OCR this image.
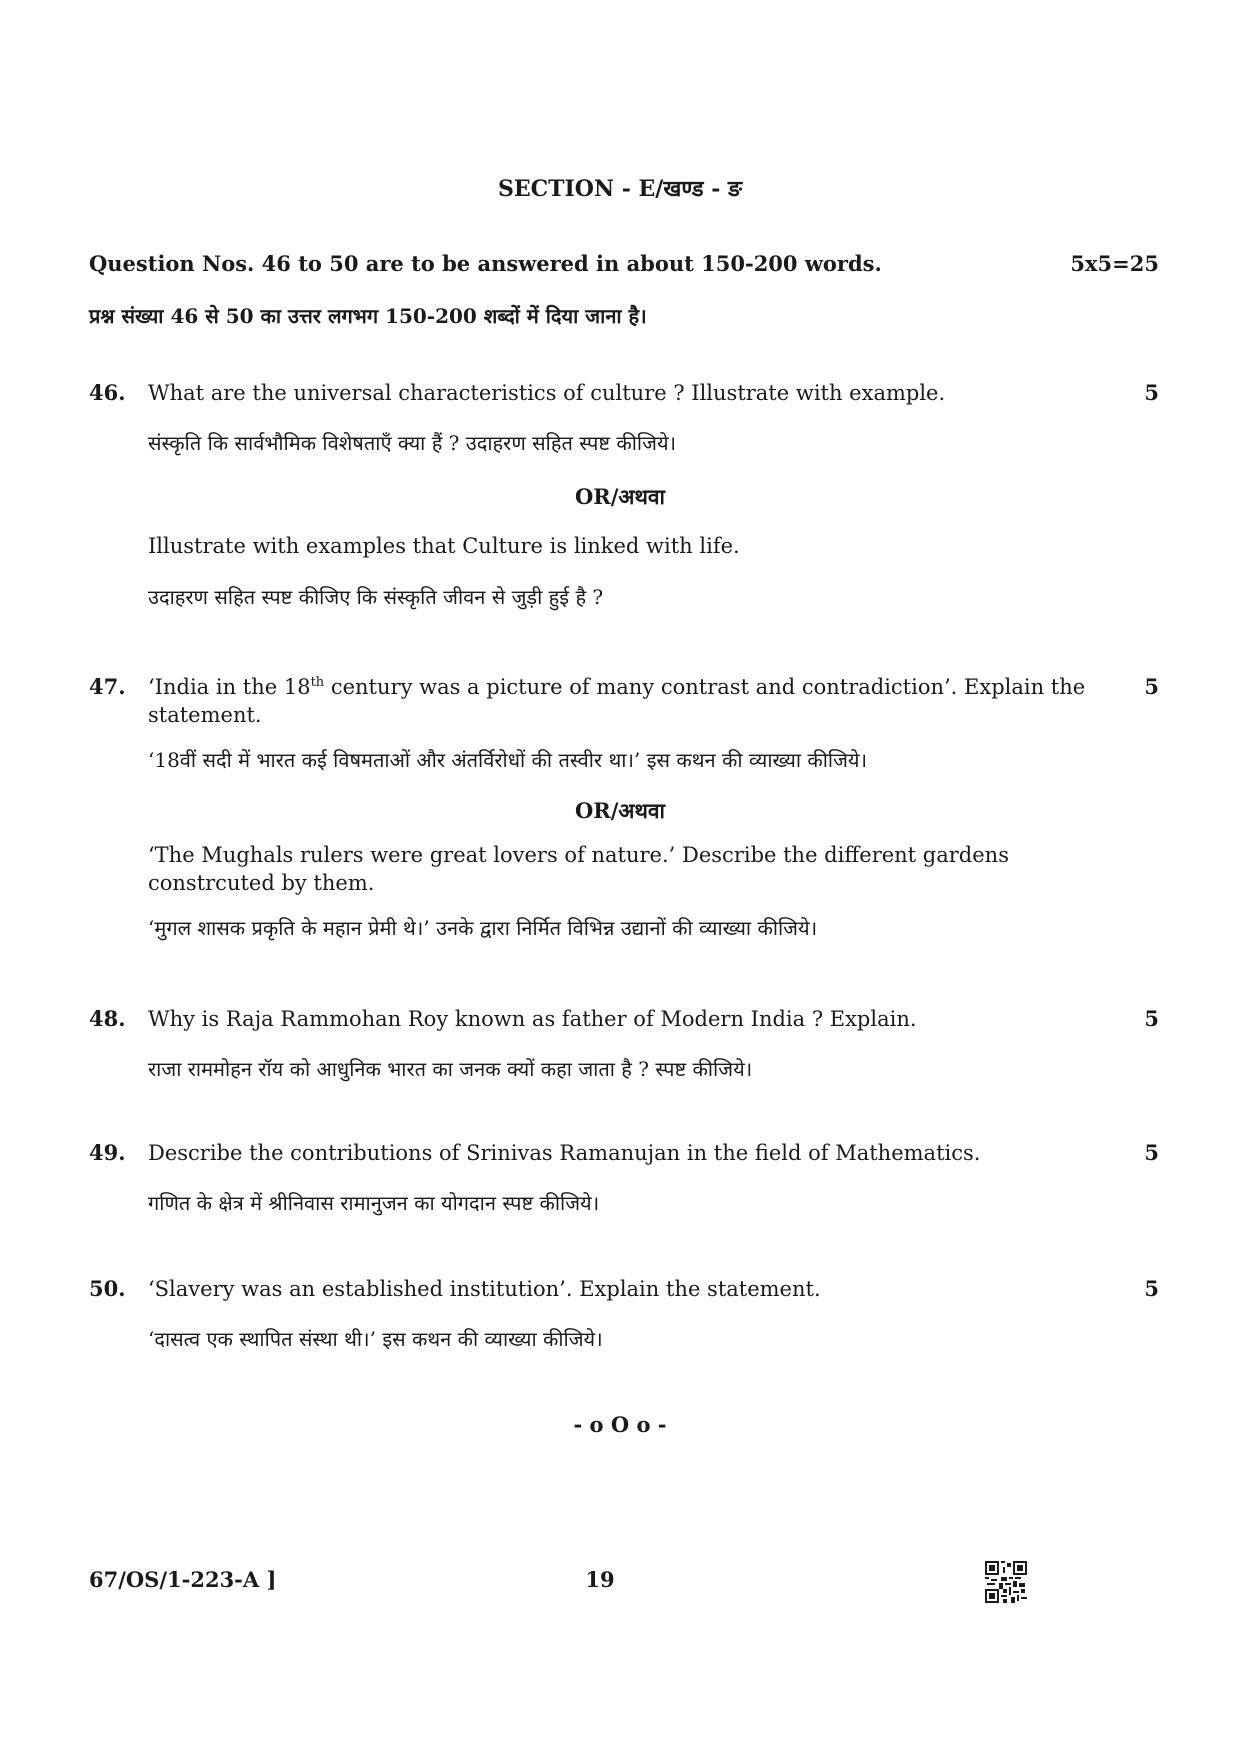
SECTION - E/खण्ड - ङ
Question Nos. 46 to 50 are to be answered in about 150-200 words.	5x5=25
प्रश्न संख्या 46 से 50 का उत्तर लगभग 150-200 शब्दों में दिया जाना है।
46.	5
What are the universal characteristics of culture ? Illustrate with example.
संस्कृति कि सार्वभौमिक विशेषताएँ क्या हैं ? उदाहरण सहित स्पष्ट कीजिये।
OR/अथवा
Illustrate with examples that Culture is linked with life.
उदाहरण सहित स्पष्ट कीजिए कि संस्कृति जीवन से जुड़ी हुई है ?
47.	5
‘India in the 18th century was a picture of many contrast and contradiction’. Explain the statement.
‘18वीं सदी में भारत कई विषमताओं और अंतर्विरोधों की तस्वीर था।’ इस कथन की व्याख्या कीजिये।
OR/अथवा
‘The Mughals rulers were great lovers of nature.’ Describe the different gardens constrcuted by them.
‘मुगल शासक प्रकृति के महान प्रेमी थे।’ उनके द्वारा निर्मित विभिन्न उद्यानों की व्याख्या कीजिये।
48.	5
Why is Raja Rammohan Roy known as father of Modern India ? Explain.
राजा राममोहन रॉय को आधुनिक भारत का जनक क्यों कहा जाता है ? स्पष्ट कीजिये।
49.	5
Describe the contributions of Srinivas Ramanujan in the field of Mathematics.
गणित के क्षेत्र में श्रीनिवास रामानुजन का योगदान स्पष्ट कीजिये।
50.	5
‘Slavery was an established institution’. Explain the statement.
‘दासत्व एक स्थापित संस्था थी।’ इस कथन की व्याख्या कीजिये।
- o O o -
67/OS/1-223-A ]	19
